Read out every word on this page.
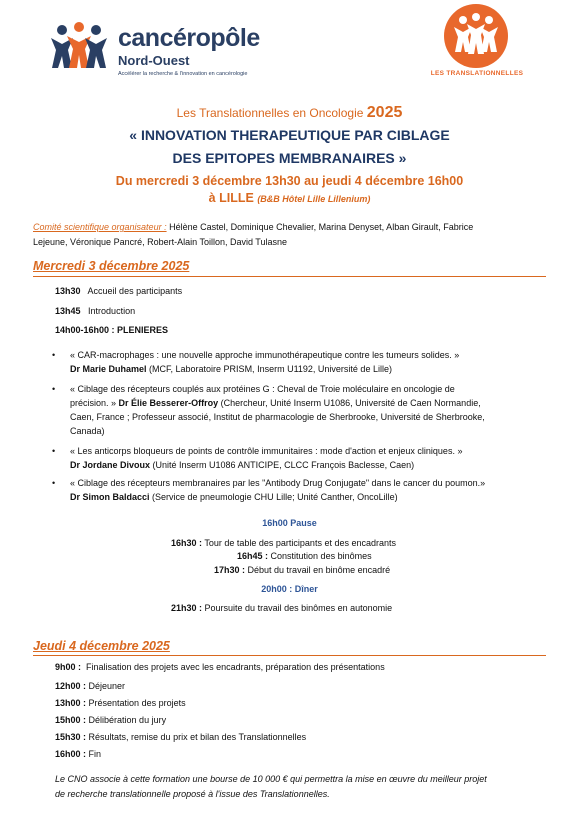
cancéropôle
Nord-Ouest
Accélérer la recherche & l'innovation en cancérologie	LES TRANSLATIONNELLES
Les Translationnelles en Oncologie 2025
« INNOVATION THERAPEUTIQUE PAR CIBLAGE
DES EPITOPES MEMBRANAIRES »
Du mercredi 3 décembre 13h30 au jeudi 4 décembre 16h00
à LILLE (B&B Hôtel Lille Lillenium)
Comité scientifique organisateur : Hélène Castel, Dominique Chevalier, Marina Denyset, Alban Girault, Fabrice
Lejeune, Véronique Pancré, Robert-Alain Toillon, David Tulasne
Mercredi 3 décembre 2025
13h30 Accueil des participants
13h45 Introduction
14h00-16h00 : PLENIERES
• « CAR-macrophages : une nouvelle approche immunothérapeutique contre les tumeurs solides. »
Dr Marie Duhamel (MCF, Laboratoire PRISM, Inserm U1192, Université de Lille)
• « Ciblage des récepteurs couplés aux protéines G : Cheval de Troie moléculaire en oncologie de
précision. » Dr Élie Besserer-Offroy (Chercheur, Unité Inserm U1086, Université de Caen Normandie,
Caen, France ; Professeur associé, Institut de pharmacologie de Sherbrooke, Université de Sherbrooke,
Canada)
• « Les anticorps bloqueurs de points de contrôle immunitaires : mode d'action et enjeux cliniques. »
Dr Jordane Divoux (Unité Inserm U1086 ANTICIPE, CLCC François Baclesse, Caen)
• « Ciblage des récepteurs membranaires par les "Antibody Drug Conjugate" dans le cancer du poumon.»
Dr Simon Baldacci (Service de pneumologie CHU Lille; Unité Canther, OncoLille)
16h00 Pause
16h30 : Tour de table des participants et des encadrants
16h45 : Constitution des binômes
17h30 : Début du travail en binôme encadré
20h00 : Dîner
21h30 : Poursuite du travail des binômes en autonomie
Jeudi 4 décembre 2025
9h00 :  Finalisation des projets avec les encadrants, préparation des présentations
12h00 : Déjeuner
13h00 : Présentation des projets
15h00 : Délibération du jury
15h30 : Résultats, remise du prix et bilan des Translationnelles
16h00 : Fin
Le CNO associe à cette formation une bourse de 10 000 € qui permettra la mise en œuvre du meilleur projet
de recherche translationnelle proposé à l'issue des Translationnelles.
